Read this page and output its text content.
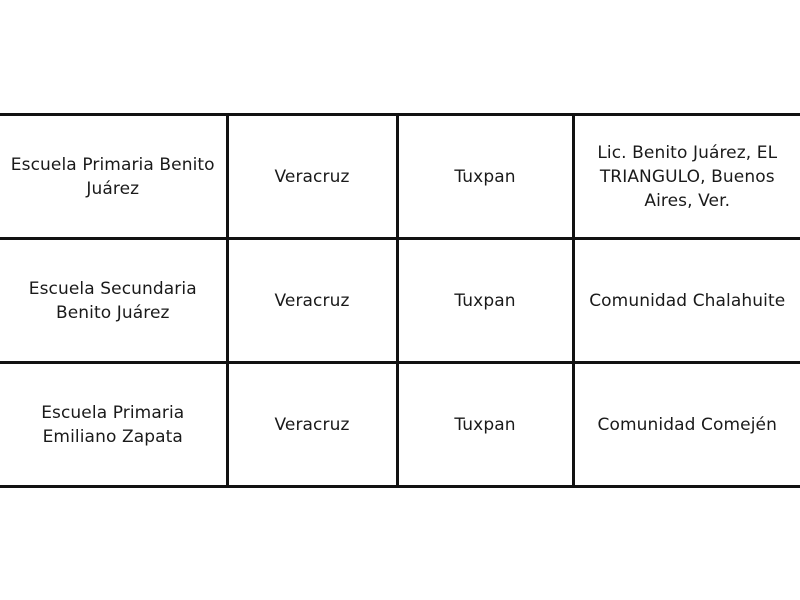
Escuela Primaria Benito Juárez	Veracruz	Tuxpan	Lic. Benito Juárez, EL TRIANGULO, Buenos Aires, Ver.
Escuela Secundaria Benito Juárez	Veracruz	Tuxpan	Comunidad Chalahuite
Escuela Primaria Emiliano Zapata	Veracruz	Tuxpan	Comunidad Comején
